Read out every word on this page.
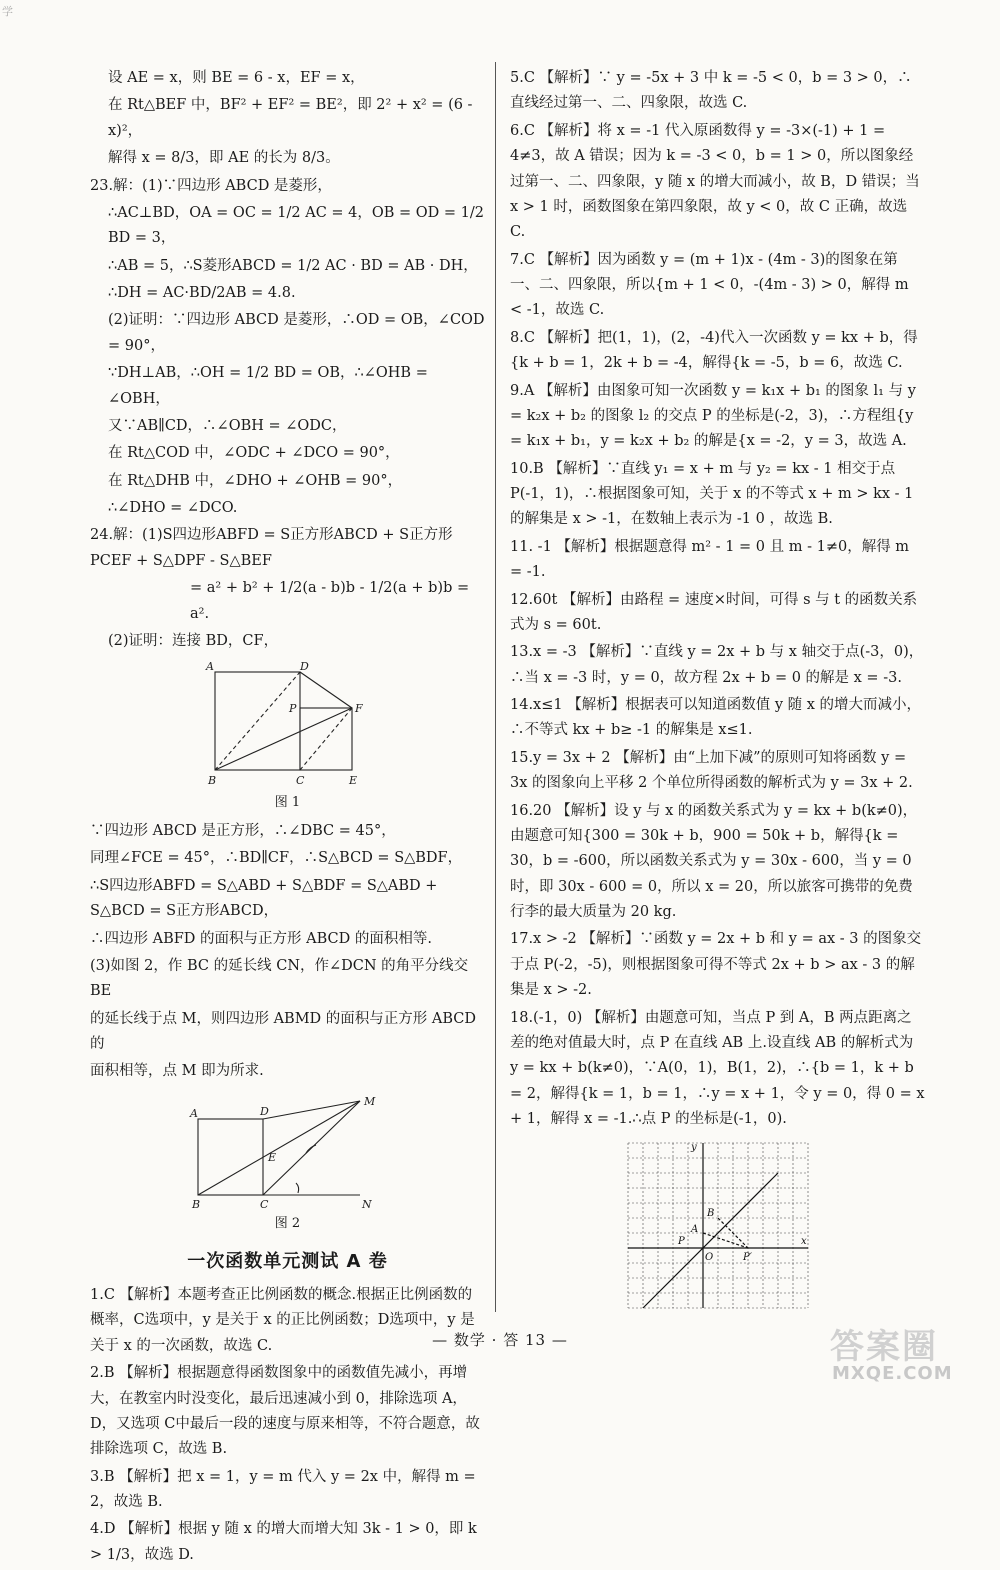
学

设 AE = x，则 BE = 6 - x，EF = x，

在 Rt△BEF 中，BF² + EF² = BE²，即 2² + x² = (6 - x)²，

解得 x = 8/3，即 AE 的长为 8/3。

23.解：(1)∵四边形 ABCD 是菱形，

∴AC⊥BD，OA = OC = 1/2 AC = 4，OB = OD = 1/2 BD = 3，

∴AB = 5，∴S菱形ABCD = 1/2 AC · BD = AB · DH，

∴DH = AC·BD/2AB = 4.8.

(2)证明：∵四边形 ABCD 是菱形，∴OD = OB，∠COD = 90°，

∵DH⊥AB，∴OH = 1/2 BD = OB，∴∠OHB = ∠OBH，

又∵AB∥CD，∴∠OBH = ∠ODC，

在 Rt△COD 中，∠ODC + ∠DCO = 90°，

在 Rt△DHB 中，∠DHO + ∠OHB = 90°，

∴∠DHO = ∠DCO.

24.解：(1)S四边形ABFD = S正方形ABCD + S正方形PCEF + S△DPF - S△BEF

= a² + b² + 1/2(a - b)b - 1/2(a + b)b = a².

(2)证明：连接 BD，CF，

A	D
P	F
B	C	E

图 1

∵四边形 ABCD 是正方形，∴∠DBC = 45°，

同理∠FCE = 45°，∴BD∥CF，∴S△BCD = S△BDF，

∴S四边形ABFD = S△ABD + S△BDF = S△ABD + S△BCD = S正方形ABCD，

∴四边形 ABFD 的面积与正方形 ABCD 的面积相等.

(3)如图 2，作 BC 的延长线 CN，作∠DCN 的角平分线交 BE

的延长线于点 M，则四边形 ABMD 的面积与正方形 ABCD 的

面积相等，点 M 即为所求.

A	D
M
E
B	C	N

图 2

一次函数单元测试 A 卷

1.C 【解析】本题考查正比例函数的概念.根据正比例函数的概率，C选项中，y 是关于 x 的正比例函数；D选项中，y 是关于 x 的一次函数，故选 C.

2.B 【解析】根据题意得函数图象中的函数值先减小，再增大，在教室内时没变化，最后迅速减小到 0，排除选项 A，D，又选项 C中最后一段的速度与原来相等，不符合题意，故排除选项 C，故选 B.

3.B 【解析】把 x = 1，y = m 代入 y = 2x 中，解得 m = 2，故选 B.

4.D 【解析】根据 y 随 x 的增大而增大知 3k - 1 > 0，即 k > 1/3，故选 D.

5.C 【解析】∵ y = -5x + 3 中 k = -5 < 0，b = 3 > 0，∴直线经过第一、二、四象限，故选 C.

6.C 【解析】将 x = -1 代入原函数得 y = -3×(-1) + 1 = 4≠3，故 A 错误；因为 k = -3 < 0，b = 1 > 0，所以图象经过第一、二、四象限，y 随 x 的增大而减小，故 B，D 错误；当 x > 1 时，函数图象在第四象限，故 y < 0，故 C 正确，故选 C.

7.C 【解析】因为函数 y = (m + 1)x - (4m - 3)的图象在第一、二、四象限，所以{m + 1 < 0，-(4m - 3) > 0，解得 m < -1，故选 C.

8.C 【解析】把(1，1)，(2，-4)代入一次函数 y = kx + b，得{k + b = 1，2k + b = -4，解得{k = -5，b = 6，故选 C.

9.A 【解析】由图象可知一次函数 y = k₁x + b₁ 的图象 l₁ 与 y = k₂x + b₂ 的图象 l₂ 的交点 P 的坐标是(-2，3)，∴方程组{y = k₁x + b₁，y = k₂x + b₂ 的解是{x = -2，y = 3，故选 A.

10.B 【解析】∵直线 y₁ = x + m 与 y₂ = kx - 1 相交于点 P(-1，1)，∴根据图象可知，关于 x 的不等式 x + m > kx - 1 的解集是 x > -1，在数轴上表示为 -1 0 ，故选 B.

11. -1 【解析】根据题意得 m² - 1 = 0 且 m - 1≠0，解得 m = -1.

12.60t 【解析】由路程 = 速度×时间，可得 s 与 t 的函数关系式为 s = 60t.

13.x = -3 【解析】∵直线 y = 2x + b 与 x 轴交于点(-3，0)，∴当 x = -3 时，y = 0，故方程 2x + b = 0 的解是 x = -3.

14.x≤1 【解析】根据表可以知道函数值 y 随 x 的增大而减小，∴不等式 kx + b≥ -1 的解集是 x≤1.

15.y = 3x + 2 【解析】由“上加下减”的原则可知将函数 y = 3x 的图象向上平移 2 个单位所得函数的解析式为 y = 3x + 2.

16.20 【解析】设 y 与 x 的函数关系式为 y = kx + b(k≠0)，由题意可知{300 = 30k + b，900 = 50k + b，解得{k = 30，b = -600，所以函数关系式为 y = 30x - 600，当 y = 0 时，即 30x - 600 = 0，所以 x = 20，所以旅客可携带的免费行李的最大质量为 20 kg.

17.x > -2 【解析】∵函数 y = 2x + b 和 y = ax - 3 的图象交于点 P(-2，-5)，则根据图象可得不等式 2x + b > ax - 3 的解集是 x > -2.

18.(-1，0) 【解析】由题意可知，当点 P 到 A，B 两点距离之差的绝对值最大时，点 P 在直线 AB 上.设直线 AB 的解析式为 y = kx + b(k≠0)，∵A(0，1)，B(1，2)，∴{b = 1，k + b = 2，解得{k = 1，b = 1，∴y = x + 1，令 y = 0，得 0 = x + 1，解得 x = -1.∴点 P 的坐标是(-1，0).

y
x
O
A
B
P
P′
— 数学 · 答 13 —	答案圈
MXQE.COM
